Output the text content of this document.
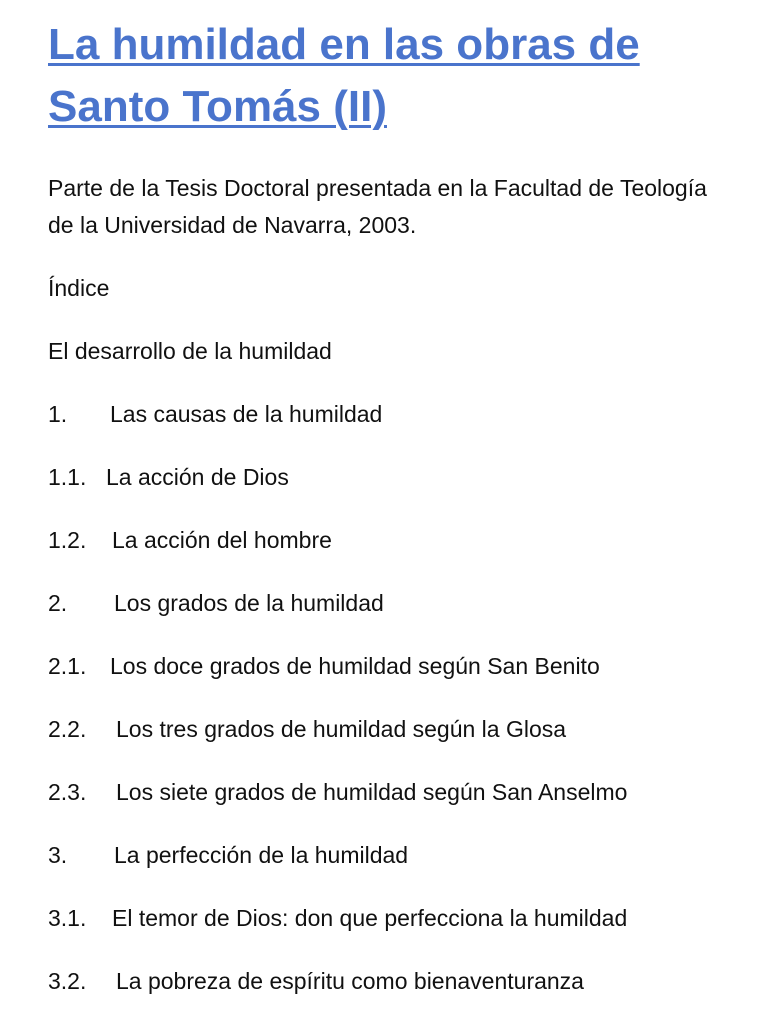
La humildad en las obras de Santo Tomás (II)

Parte de la Tesis Doctoral presentada en la Facultad de Teología de la Universidad de Navarra, 2003.

Índice

El desarrollo de la humildad

1.	Las causas de la humildad
1.1. La acción de Dios
1.2.	La acción del hombre
2.	Los grados de la humildad
2.1.	Los doce grados de humildad según San Benito
2.2.	Los tres grados de humildad según la Glosa
2.3.	Los siete grados de humildad según San Anselmo
3.	La perfección de la humildad
3.1.	El temor de Dios: don que perfecciona la humildad
3.2.	La pobreza de espíritu como bienaventuranza
